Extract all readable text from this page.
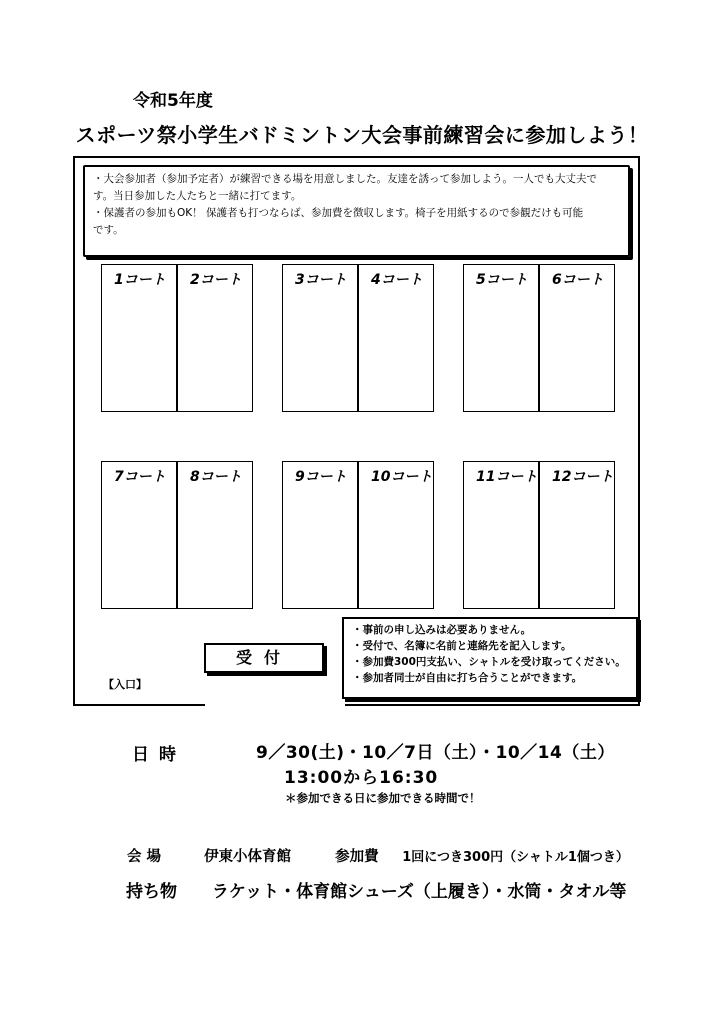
令和5年度
スポーツ祭小学生バドミントン大会事前練習会に参加しよう！

・大会参加者（参加予定者）が練習できる場を用意しました。友達を誘って参加しよう。一人でも大丈夫で

す。当日参加した人たちと一緒に打てます。

・保護者の参加もOK！ 保護者も打つならば、参加費を徴収します。椅子を用紙するので参観だけも可能

です。

1コート	2コート	3コート	4コート	5コート	6コート
7コート	8コート	9コート	10コート	11コート	12コート
受付
【入口】

・事前の申し込みは必要ありません。

・受付で、名簿に名前と連絡先を記入します。

・参加費300円支払い、シャトルを受け取ってください。

・参加者同士が自由に打ち合うことができます。

日時	9／30(土)・10／7日（土）・10／14（土）
13:00から16:30
＊参加できる日に参加できる時間で！
会 場	伊東小体育館	参加費 1回につき300円（シャトル1個つき）
持ち物 ラケット・体育館シューズ（上履き）・水筒・タオル等
